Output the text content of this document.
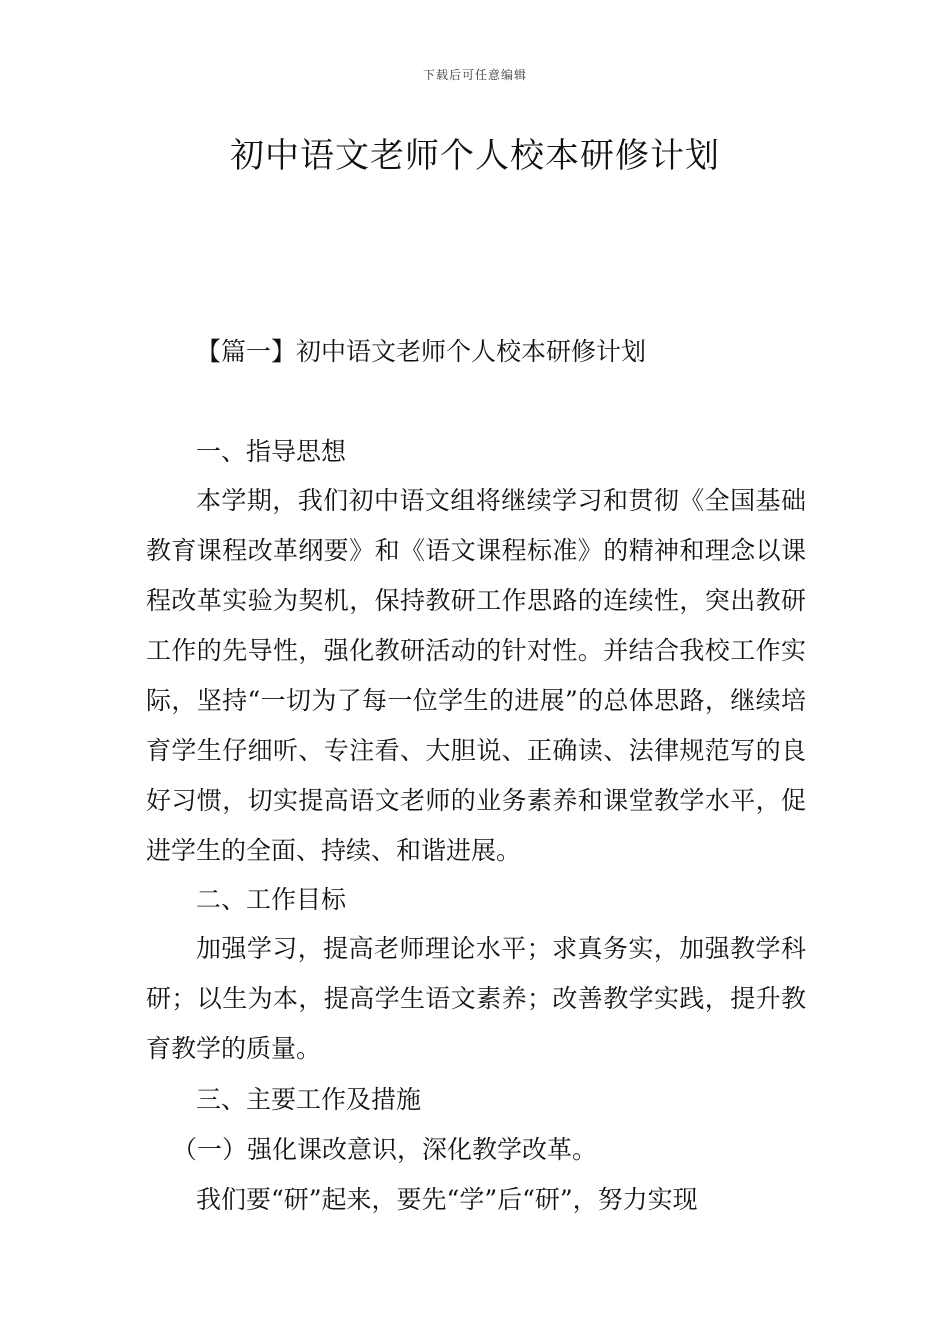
下载后可任意编辑
初中语文老师个人校本研修计划

【篇一】初中语文老师个人校本研修计划

一、指导思想

本学期，我们初中语文组将继续学习和贯彻《全国基础教育课程改革纲要》和《语文课程标准》的精神和理念以课程改革实验为契机，保持教研工作思路的连续性，突出教研工作的先导性，强化教研活动的针对性。并结合我校工作实际，坚持“一切为了每一位学生的进展”的总体思路，继续培育学生仔细听、专注看、大胆说、正确读、法律规范写的良好习惯，切实提高语文老师的业务素养和课堂教学水平，促进学生的全面、持续、和谐进展。

二、工作目标

加强学习，提高老师理论水平；求真务实，加强教学科研；以生为本，提高学生语文素养；改善教学实践，提升教育教学的质量。

三、主要工作及措施

（一）强化课改意识，深化教学改革。

我们要“研”起来，要先“学”后“研”，努力实现
